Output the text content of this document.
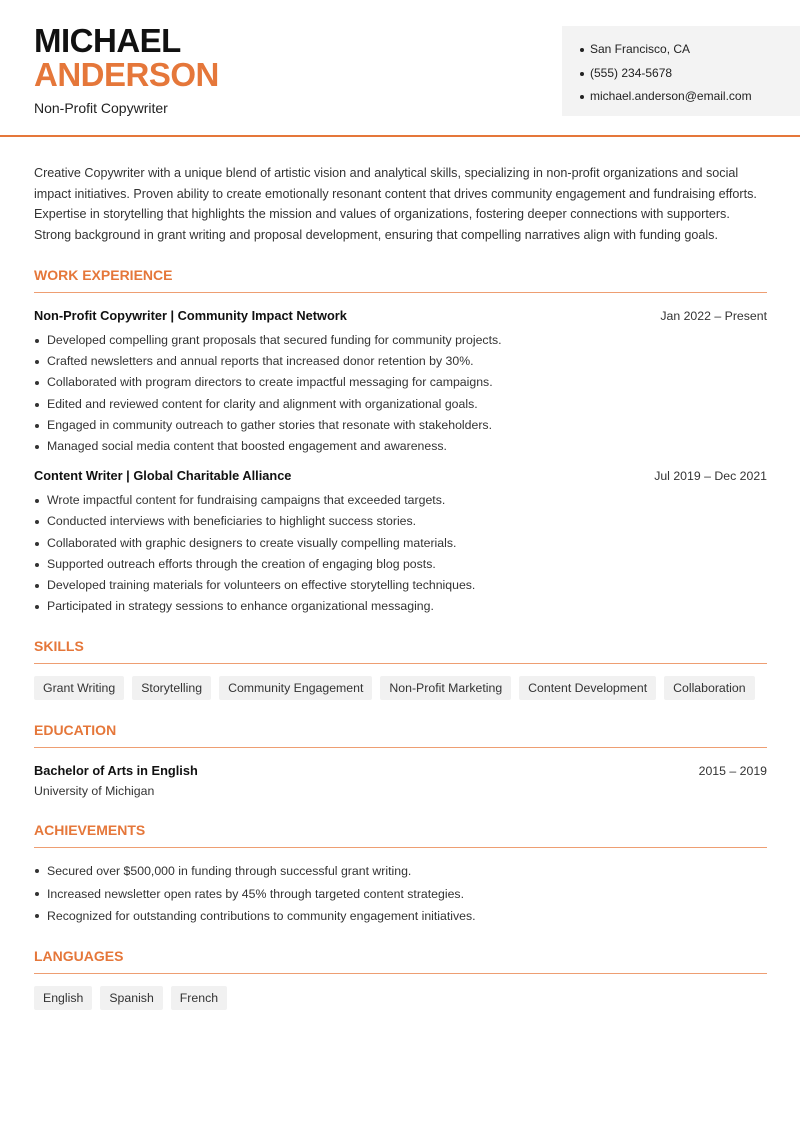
MICHAEL
ANDERSON
Non-Profit Copywriter
San Francisco, CA
(555) 234-5678
michael.anderson@email.com

Creative Copywriter with a unique blend of artistic vision and analytical skills, specializing in non-profit organizations and social impact initiatives. Proven ability to create emotionally resonant content that drives community engagement and fundraising efforts. Expertise in storytelling that highlights the mission and values of organizations, fostering deeper connections with supporters. Strong background in grant writing and proposal development, ensuring that compelling narratives align with funding goals.

WORK EXPERIENCE
Non-Profit Copywriter | Community Impact Network	Jan 2022 – Present
Developed compelling grant proposals that secured funding for community projects.
Crafted newsletters and annual reports that increased donor retention by 30%.
Collaborated with program directors to create impactful messaging for campaigns.
Edited and reviewed content for clarity and alignment with organizational goals.
Engaged in community outreach to gather stories that resonate with stakeholders.
Managed social media content that boosted engagement and awareness.
Content Writer | Global Charitable Alliance	Jul 2019 – Dec 2021
Wrote impactful content for fundraising campaigns that exceeded targets.
Conducted interviews with beneficiaries to highlight success stories.
Collaborated with graphic designers to create visually compelling materials.
Supported outreach efforts through the creation of engaging blog posts.
Developed training materials for volunteers on effective storytelling techniques.
Participated in strategy sessions to enhance organizational messaging.
SKILLS
Grant Writing	Storytelling	Community Engagement	Non-Profit Marketing	Content Development	Collaboration
EDUCATION
Bachelor of Arts in English	2015 – 2019
University of Michigan
ACHIEVEMENTS
Secured over $500,000 in funding through successful grant writing.
Increased newsletter open rates by 45% through targeted content strategies.
Recognized for outstanding contributions to community engagement initiatives.
LANGUAGES
English	Spanish	French
